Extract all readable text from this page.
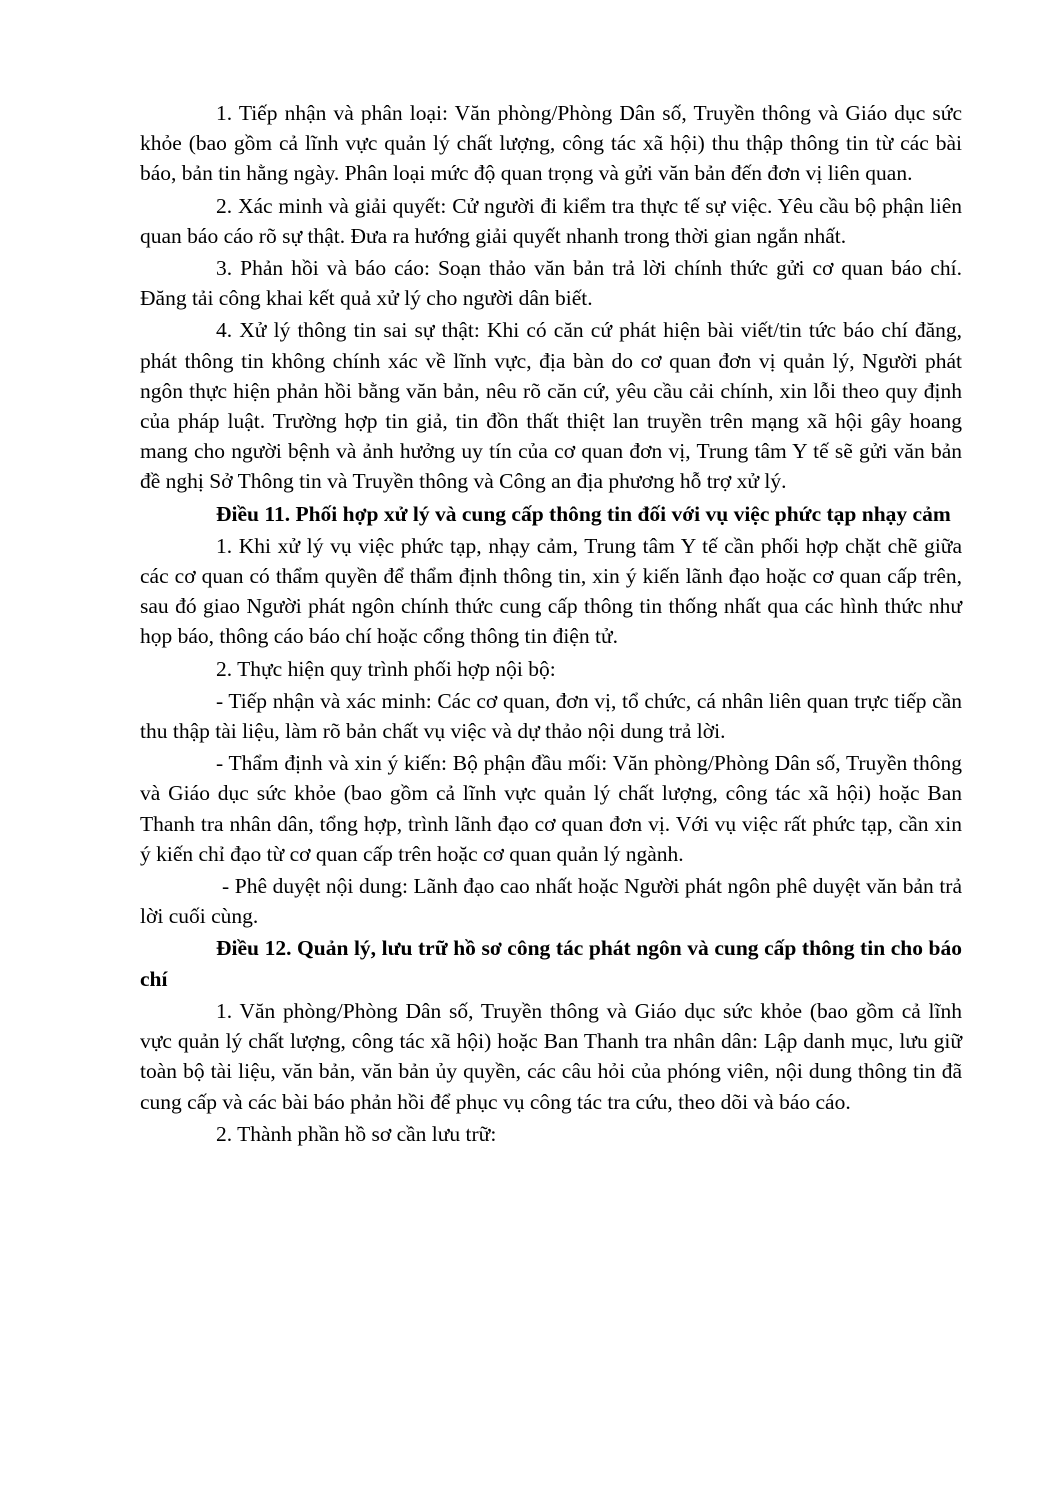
1. Tiếp nhận và phân loại: Văn phòng/Phòng Dân số, Truyền thông và Giáo dục sức khỏe (bao gồm cả lĩnh vực quản lý chất lượng, công tác xã hội) thu thập thông tin từ các bài báo, bản tin hằng ngày. Phân loại mức độ quan trọng và gửi văn bản đến đơn vị liên quan.

2. Xác minh và giải quyết: Cử người đi kiểm tra thực tế sự việc. Yêu cầu bộ phận liên quan báo cáo rõ sự thật. Đưa ra hướng giải quyết nhanh trong thời gian ngắn nhất.

3. Phản hồi và báo cáo: Soạn thảo văn bản trả lời chính thức gửi cơ quan báo chí. Đăng tải công khai kết quả xử lý cho người dân biết.

4. Xử lý thông tin sai sự thật: Khi có căn cứ phát hiện bài viết/tin tức báo chí đăng, phát thông tin không chính xác về lĩnh vực, địa bàn do cơ quan đơn vị quản lý, Người phát ngôn thực hiện phản hồi bằng văn bản, nêu rõ căn cứ, yêu cầu cải chính, xin lỗi theo quy định của pháp luật. Trường hợp tin giả, tin đồn thất thiệt lan truyền trên mạng xã hội gây hoang mang cho người bệnh và ảnh hưởng uy tín của cơ quan đơn vị, Trung tâm Y tế sẽ gửi văn bản đề nghị Sở Thông tin và Truyền thông và Công an địa phương hỗ trợ xử lý.

Điều 11. Phối hợp xử lý và cung cấp thông tin đối với vụ việc phức tạp nhạy cảm

1. Khi xử lý vụ việc phức tạp, nhạy cảm, Trung tâm Y tế cần phối hợp chặt chẽ giữa các cơ quan có thẩm quyền để thẩm định thông tin, xin ý kiến lãnh đạo hoặc cơ quan cấp trên, sau đó giao Người phát ngôn chính thức cung cấp thông tin thống nhất qua các hình thức như họp báo, thông cáo báo chí hoặc cổng thông tin điện tử.

2. Thực hiện quy trình phối hợp nội bộ:

- Tiếp nhận và xác minh: Các cơ quan, đơn vị, tổ chức, cá nhân liên quan trực tiếp cần thu thập tài liệu, làm rõ bản chất vụ việc và dự thảo nội dung trả lời.

- Thẩm định và xin ý kiến: Bộ phận đầu mối: Văn phòng/Phòng Dân số, Truyền thông và Giáo dục sức khỏe (bao gồm cả lĩnh vực quản lý chất lượng, công tác xã hội) hoặc Ban Thanh tra nhân dân, tổng hợp, trình lãnh đạo cơ quan đơn vị. Với vụ việc rất phức tạp, cần xin ý kiến chỉ đạo từ cơ quan cấp trên hoặc cơ quan quản lý ngành.

- Phê duyệt nội dung: Lãnh đạo cao nhất hoặc Người phát ngôn phê duyệt văn bản trả lời cuối cùng.

Điều 12. Quản lý, lưu trữ hồ sơ công tác phát ngôn và cung cấp thông tin cho báo chí

1. Văn phòng/Phòng Dân số, Truyền thông và Giáo dục sức khỏe (bao gồm cả lĩnh vực quản lý chất lượng, công tác xã hội) hoặc Ban Thanh tra nhân dân: Lập danh mục, lưu giữ toàn bộ tài liệu, văn bản, văn bản ủy quyền, các câu hỏi của phóng viên, nội dung thông tin đã cung cấp và các bài báo phản hồi để phục vụ công tác tra cứu, theo dõi và báo cáo.

2. Thành phần hồ sơ cần lưu trữ:
